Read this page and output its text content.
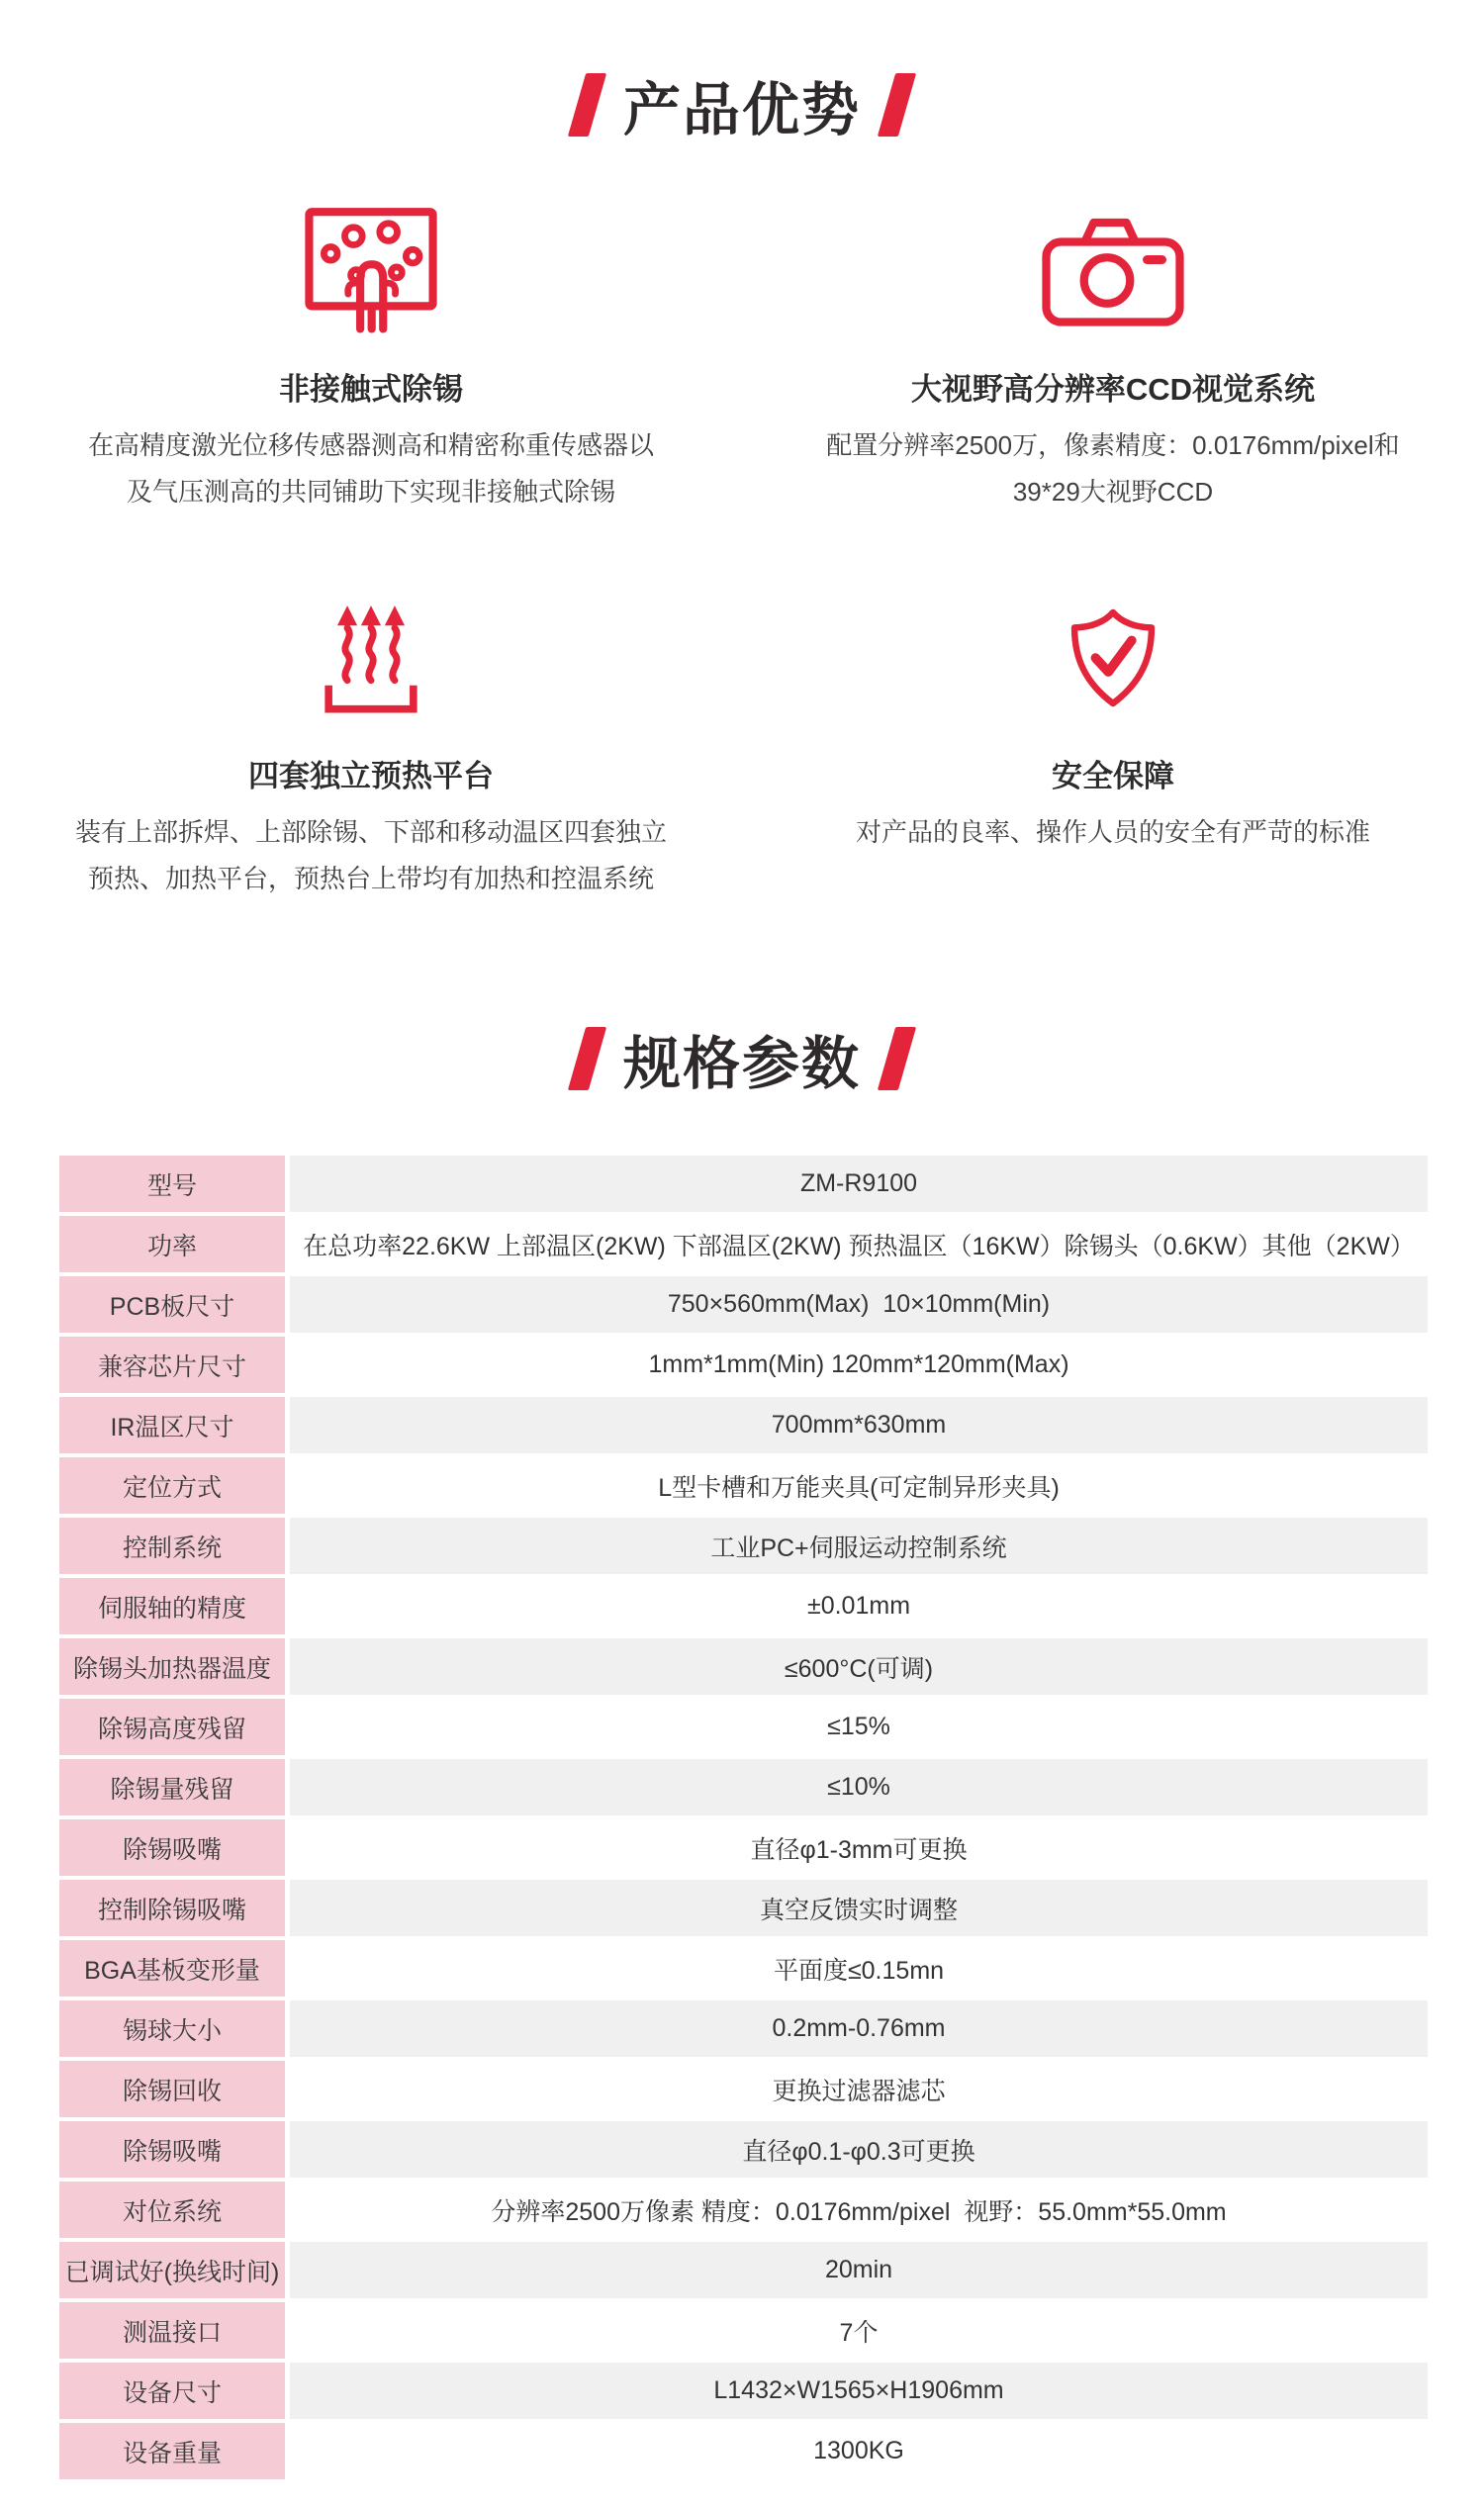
产品优势
非接触式除锡

在高精度激光位移传感器测高和精密称重传感器以及气压测高的共同铺助下实现非接触式除锡

大视野高分辨率CCD视觉系统

配置分辨率2500万，像素精度：0.0176mm/pixel和39*29大视野CCD

四套独立预热平台

装有上部拆焊、上部除锡、下部和移动温区四套独立预热、加热平台，预热台上带均有加热和控温系统

安全保障

对产品的良率、操作人员的安全有严苛的标准

规格参数
型号	ZM-R9100
功率	在总功率22.6KW 上部温区(2KW) 下部温区(2KW) 预热温区（16KW）除锡头（0.6KW）其他（2KW）
PCB板尺寸	750×560mm(Max)  10×10mm(Min)
兼容芯片尺寸	1mm*1mm(Min) 120mm*120mm(Max)
IR温区尺寸	700mm*630mm
定位方式	L型卡槽和万能夹具(可定制异形夹具)
控制系统	工业PC+伺服运动控制系统
伺服轴的精度	±0.01mm
除锡头加热器温度	≤600°C(可调)
除锡高度残留	≤15%
除锡量残留	≤10%
除锡吸嘴	直径φ1-3mm可更换
控制除锡吸嘴	真空反馈实时调整
BGA基板变形量	平面度≤0.15mn
锡球大小	0.2mm-0.76mm
除锡回收	更换过滤器滤芯
除锡吸嘴	直径φ0.1-φ0.3可更换
对位系统	分辨率2500万像素 精度：0.0176mm/pixel  视野：55.0mm*55.0mm
已调试好(换线时间)	20min
测温接口	7个
设备尺寸	L1432×W1565×H1906mm
设备重量	1300KG
